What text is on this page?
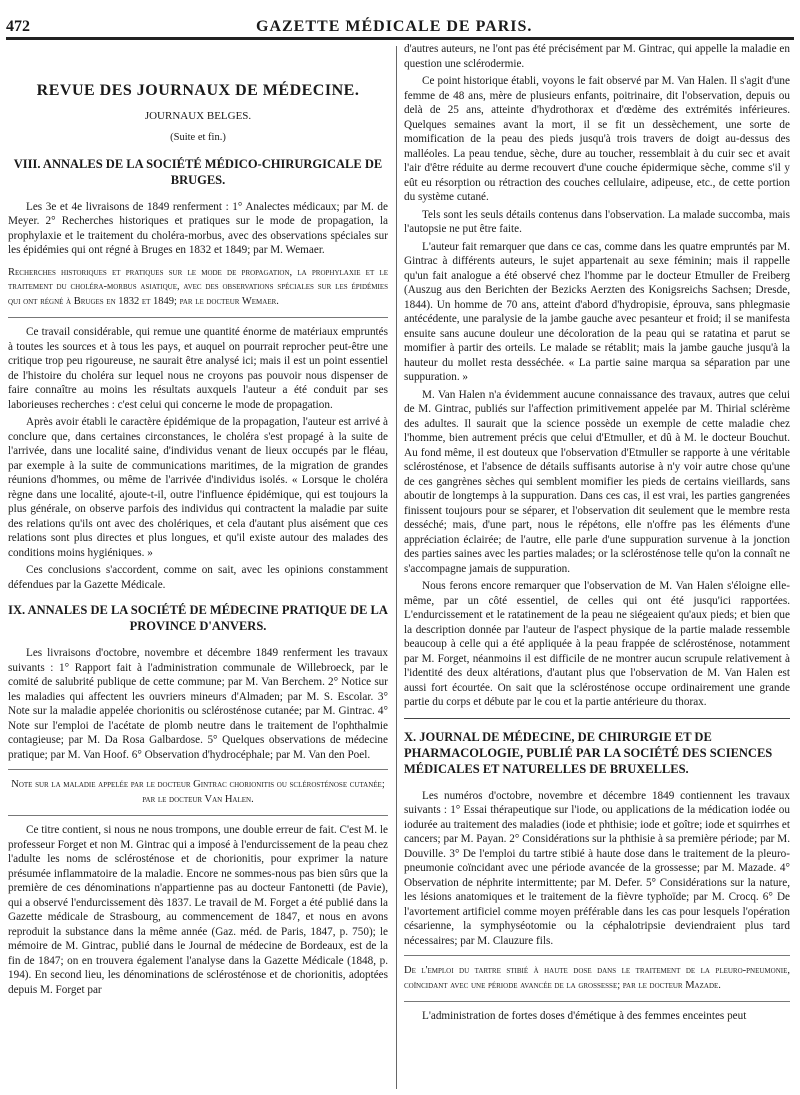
472	GAZETTE MÉDICALE DE PARIS.
REVUE DES JOURNAUX DE MÉDECINE.
JOURNAUX BELGES.
(Suite et fin.)
VIII. ANNALES DE LA SOCIÉTÉ MÉDICO-CHIRURGICALE DE BRUGES.

Les 3e et 4e livraisons de 1849 renferment : 1° Analectes médicaux; par M. de Meyer. 2° Recherches historiques et pratiques sur le mode de propagation, la prophylaxie et le traitement du choléra-morbus, avec des observations spéciales sur les épidémies qui ont régné à Bruges en 1832 et 1849; par M. Wemaer.

Recherches historiques et pratiques sur le mode de propagation, la prophylaxie et le traitement du choléra-morbus asiatique, avec des observations spéciales sur les épidémies qui ont régné à Bruges en 1832 et 1849; par le docteur Wemaer.

Ce travail considérable, qui remue une quantité énorme de matériaux empruntés à toutes les sources et à tous les pays, et auquel on pourrait reprocher peut-être une critique trop peu rigoureuse, ne saurait être analysé ici; mais il est un point essentiel de l'histoire du choléra sur lequel nous ne croyons pas pouvoir nous dispenser de faire connaître au moins les résultats auxquels l'auteur a été conduit par ses laborieuses recherches : c'est celui qui concerne le mode de propagation.

Après avoir établi le caractère épidémique de la propagation, l'auteur est arrivé à conclure que, dans certaines circonstances, le choléra s'est propagé à la suite de l'arrivée, dans une localité saine, d'individus venant de lieux occupés par le fléau, par exemple à la suite de communications maritimes, de la migration de grandes réunions d'hommes, ou même de l'arrivée d'individus isolés. « Lorsque le choléra règne dans une localité, ajoute-t-il, outre l'influence épidémique, qui est toujours la plus générale, on observe parfois des individus qui contractent la maladie par suite des relations qu'ils ont avec des cholériques, et cela d'autant plus aisément que ces relations sont plus directes et plus longues, et qu'il existe autour des malades des conditions moins hygiéniques. »

Ces conclusions s'accordent, comme on sait, avec les opinions constamment défendues par la Gazette Médicale.

IX. ANNALES DE LA SOCIÉTÉ DE MÉDECINE PRATIQUE DE LA PROVINCE D'ANVERS.

Les livraisons d'octobre, novembre et décembre 1849 renferment les travaux suivants : 1° Rapport fait à l'administration communale de Willebroeck, par le comité de salubrité publique de cette commune; par M. Van Berchem. 2° Notice sur les maladies qui affectent les ouvriers mineurs d'Almaden; par M. S. Escolar. 3° Note sur la maladie appelée chorionitis ou sclérosténose cutanée; par M. Gintrac. 4° Note sur l'emploi de l'acétate de plomb neutre dans le traitement de l'ophthalmie contagieuse; par M. Da Rosa Galbardose. 5° Quelques observations de médecine pratique; par M. Van Hoof. 6° Observation d'hydrocéphale; par M. Van den Poel.

Note sur la maladie appelée par le docteur Gintrac chorionitis ou sclérosténose cutanée; par le docteur Van Halen.

Ce titre contient, si nous ne nous trompons, une double erreur de fait. C'est M. le professeur Forget et non M. Gintrac qui a imposé à l'endurcissement de la peau chez l'adulte les noms de sclérosténose et de chorionitis, pour exprimer la nature présumée inflammatoire de la maladie. Encore ne sommes-nous pas bien sûrs que la première de ces dénominations n'appartienne pas au docteur Fantonetti (de Pavie), qui a observé l'endurcissement dès 1837. Le travail de M. Forget a été publié dans la Gazette médicale de Strasbourg, au commencement de 1847, et nous en avons reproduit la substance dans la même année (Gaz. méd. de Paris, 1847, p. 750); le mémoire de M. Gintrac, publié dans le Journal de médecine de Bordeaux, est de la fin de 1847; on en trouvera également l'analyse dans la Gazette Médicale (1848, p. 194). En second lieu, les dénominations de sclérosténose et de chorionitis, adoptées depuis M. Forget par

d'autres auteurs, ne l'ont pas été précisément par M. Gintrac, qui appelle la maladie en question une sclérodermie.

Ce point historique établi, voyons le fait observé par M. Van Halen. Il s'agit d'une femme de 48 ans, mère de plusieurs enfants, poitrinaire, dit l'observation, depuis ou delà de 25 ans, atteinte d'hydrothorax et d'œdème des extrémités inférieures. Quelques semaines avant la mort, il se fit un dessèchement, une sorte de momification de la peau des pieds jusqu'à trois travers de doigt au-dessus des malléoles. La peau tendue, sèche, dure au toucher, ressemblait à du cuir sec et avait l'air d'être réduite au derme recouvert d'une couche épidermique sèche, comme s'il y eût eu résorption ou rétraction des couches cellulaire, adipeuse, etc., de cette portion du système cutané.

Tels sont les seuls détails contenus dans l'observation. La malade succomba, mais l'autopsie ne put être faite.

L'auteur fait remarquer que dans ce cas, comme dans les quatre empruntés par M. Gintrac à différents auteurs, le sujet appartenait au sexe féminin; mais il rappelle qu'un fait analogue a été observé chez l'homme par le docteur Etmuller de Freiberg (Auszug aus den Berichten der Bezicks Aerzten des Konigsreichs Sachsen; Dresde, 1844). Un homme de 70 ans, atteint d'abord d'hydropisie, éprouva, sans phlegmasie antécédente, une paralysie de la jambe gauche avec pesanteur et froid; il se manifesta ensuite sans aucune douleur une décoloration de la peau qui se ratatina et parut se momifier à partir des orteils. Le malade se rétablit; mais la jambe gauche jusqu'à la hauteur du mollet resta desséchée. « La partie saine marqua sa séparation par une suppuration. »

M. Van Halen n'a évidemment aucune connaissance des travaux, autres que celui de M. Gintrac, publiés sur l'affection primitivement appelée par M. Thirial sclérème des adultes. Il saurait que la science possède un exemple de cette maladie chez l'homme, bien autrement précis que celui d'Etmuller, et dû à M. le docteur Bouchut. Au fond même, il est douteux que l'observation d'Etmuller se rapporte à une véritable sclérosténose, et l'absence de détails suffisants autorise à n'y voir autre chose qu'une de ces gangrènes sèches qui semblent momifier les pieds de certains vieillards, sans aboutir de longtemps à la suppuration. Dans ces cas, il est vrai, les parties gangrenées finissent toujours pour se séparer, et l'observation dit seulement que le membre resta desséché; mais, d'une part, nous le répétons, elle n'offre pas les éléments d'une appréciation éclairée; de l'autre, elle parle d'une suppuration survenue à la jonction des parties saines avec les parties malades; or la sclérosténose telle qu'on la connaît ne s'accompagne jamais de suppuration.

Nous ferons encore remarquer que l'observation de M. Van Halen s'éloigne elle-même, par un côté essentiel, de celles qui ont été jusqu'ici rapportées. L'endurcissement et le ratatinement de la peau ne siégeaient qu'aux pieds; et bien que la description donnée par l'auteur de l'aspect physique de la partie malade ressemble beaucoup à celle qui a été appliquée à la peau frappée de sclérosténose, notamment par M. Forget, néanmoins il est difficile de ne montrer aucun scrupule relativement à l'identité des deux altérations, d'autant plus que l'observation de M. Van Halen est aussi fort écourtée. On sait que la sclérosténose occupe ordinairement une grande partie du corps et débute par le cou et la partie antérieure du thorax.

X. JOURNAL DE MÉDECINE, DE CHIRURGIE ET DE PHARMACOLOGIE, PUBLIÉ PAR LA SOCIÉTÉ DES SCIENCES MÉDICALES ET NATURELLES DE BRUXELLES.

Les numéros d'octobre, novembre et décembre 1849 contiennent les travaux suivants : 1° Essai thérapeutique sur l'iode, ou applications de la médication iodée ou iodurée au traitement des maladies (iode et phthisie; iode et goître; iode et squirrhes et cancers; par M. Payan. 2° Considérations sur la phthisie à sa première période; par M. Douville. 3° De l'emploi du tartre stibié à haute dose dans le traitement de la pleuro-pneumonie coïncidant avec une période avancée de la grossesse; par M. Mazade. 4° Observation de néphrite intermittente; par M. Defer. 5° Considérations sur la nature, les lésions anatomiques et le traitement de la fièvre typhoïde; par M. Crocq. 6° De l'avortement artificiel comme moyen préférable dans les cas pour lesquels l'opération césarienne, la symphyséotomie ou la céphalotripsie deviendraient plus tard nécessaires; par M. Clauzure fils.

De l'emploi du tartre stibié à haute dose dans le traitement de la pleuro-pneumonie, coïncidant avec une période avancée de la grossesse; par le docteur Mazade.

L'administration de fortes doses d'émétique à des femmes enceintes peut
